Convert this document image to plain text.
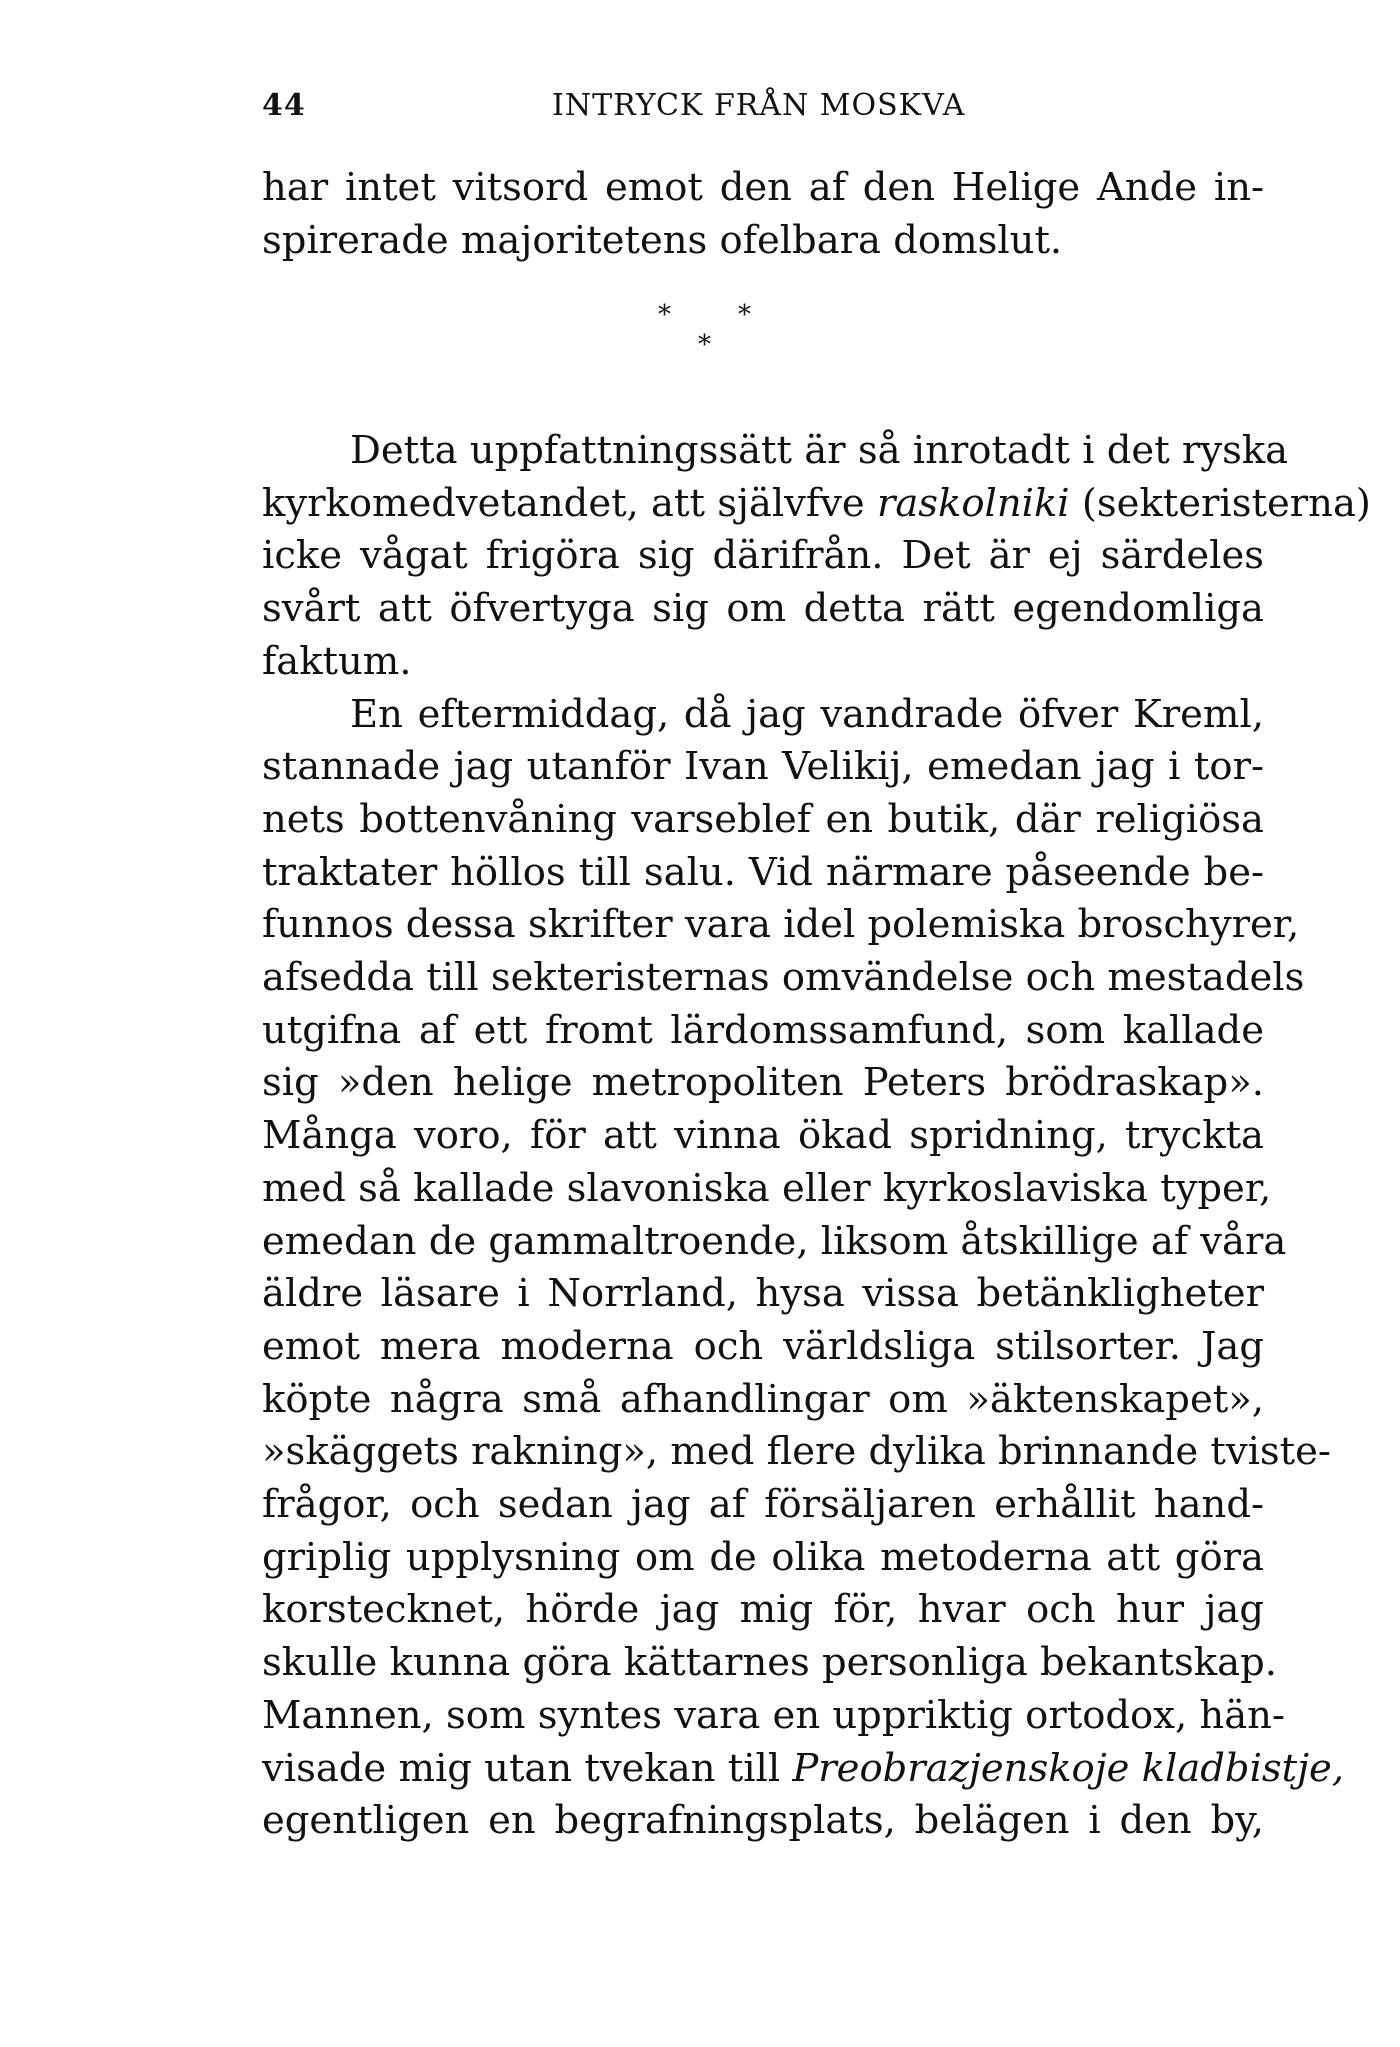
44	INTRYCK FRÅN MOSKVA
har intet vitsord emot den af den Helige Ande in-
spirerade majoritetens ofelbara domslut.
*	*
*
Detta uppfattningssätt är så inrotadt i det ryska
kyrkomedvetandet, att självfve raskolniki (sekteristerna)
icke vågat frigöra sig därifrån. Det är ej särdeles
svårt att öfvertyga sig om detta rätt egendomliga
faktum.
En eftermiddag, då jag vandrade öfver Kreml,
stannade jag utanför Ivan Velikij, emedan jag i tor-
nets bottenvåning varseblef en butik, där religiösa
traktater höllos till salu. Vid närmare påseende be-
funnos dessa skrifter vara idel polemiska broschyrer,
afsedda till sekteristernas omvändelse och mestadels
utgifna af ett fromt lärdomssamfund, som kallade
sig »den helige metropoliten Peters brödraskap».
Många voro, för att vinna ökad spridning, tryckta
med så kallade slavoniska eller kyrkoslaviska typer,
emedan de gammaltroende, liksom åtskillige af våra
äldre läsare i Norrland, hysa vissa betänkligheter
emot mera moderna och världsliga stilsorter. Jag
köpte några små afhandlingar om »äktenskapet»,
»skäggets rakning», med flere dylika brinnande tviste-
frågor, och sedan jag af försäljaren erhållit hand-
griplig upplysning om de olika metoderna att göra
korstecknet, hörde jag mig för, hvar och hur jag
skulle kunna göra kättarnes personliga bekantskap.
Mannen, som syntes vara en uppriktig ortodox, hän-
visade mig utan tvekan till Preobrazjenskoje kladbistje,
egentligen en begrafningsplats, belägen i den by,
